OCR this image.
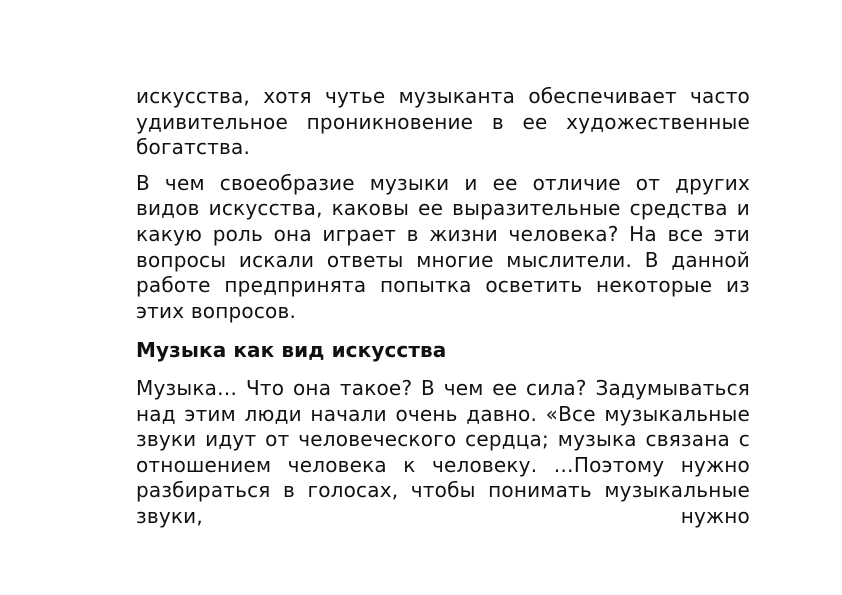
искусства, хотя чутье музыканта обеспечивает часто удивительное проникновение в ее художественные богатства.

В чем своеобразие музыки и ее отличие от других видов искусства, каковы ее выразительные средства и какую роль она играет в жизни человека? На все эти вопросы искали ответы многие мыслители. В данной работе предпринята попытка осветить некоторые из этих вопросов.

Музыка как вид искусства

Музыка… Что она такое? В чем ее сила? Задумываться над этим люди начали очень давно. «Все музыкальные звуки идут от человеческого сердца; музыка связана с отношением человека к человеку. …Поэтому нужно разбираться в голосах, чтобы понимать музыкальные звуки, нужно
